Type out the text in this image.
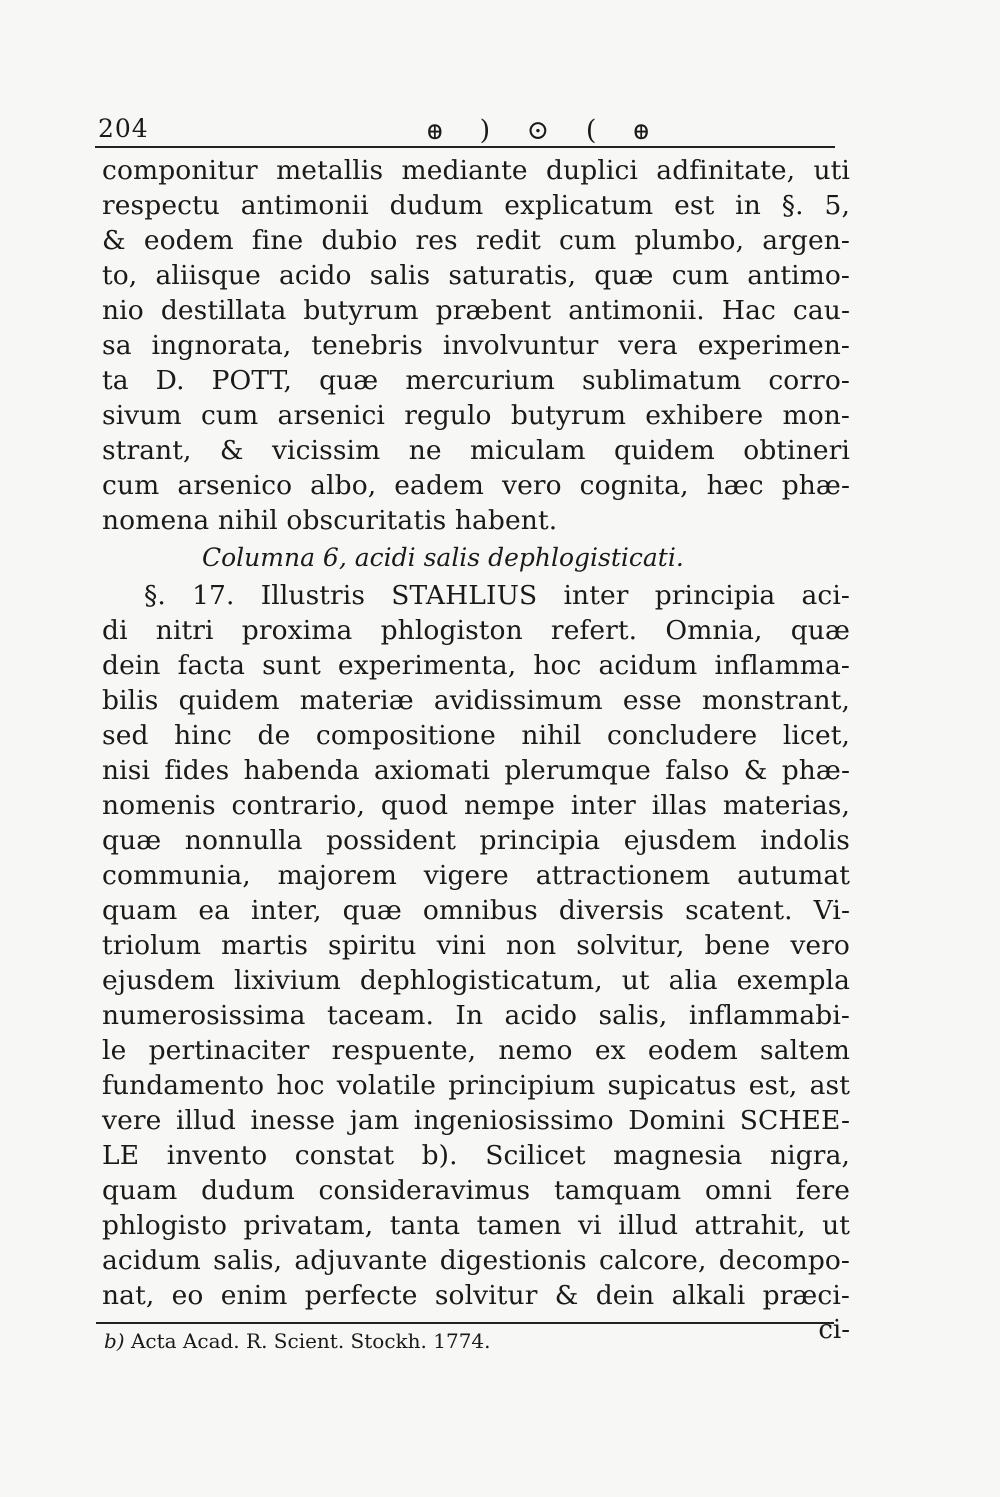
204	ꚛ ) ⊙ ( ꚛ
componitur metallis mediante duplici adfinitate, uti
respectu antimonii dudum explicatum est in §. 5,
& eodem fine dubio res redit cum plumbo, argen-
to, aliisque acido salis saturatis, quæ cum antimo-
nio destillata butyrum præbent antimonii. Hac cau-
sa ingnorata, tenebris involvuntur vera experimen-
ta D. POTT, quæ mercurium sublimatum corro-
sivum cum arsenici regulo butyrum exhibere mon-
strant, & vicissim ne miculam quidem obtineri
cum arsenico albo, eadem vero cognita, hæc phæ-
nomena nihil obscuritatis habent.
Columna 6, acidi salis dephlogisticati.
§. 17. Illustris STAHLIUS inter principia aci-
di nitri proxima phlogiston refert. Omnia, quæ
dein facta sunt experimenta, hoc acidum inflamma-
bilis quidem materiæ avidissimum esse monstrant,
sed hinc de compositione nihil concludere licet,
nisi fides habenda axiomati plerumque falso & phæ-
nomenis contrario, quod nempe inter illas materias,
quæ nonnulla possident principia ejusdem indolis
communia, majorem vigere attractionem autumat
quam ea inter, quæ omnibus diversis scatent. Vi-
triolum martis spiritu vini non solvitur, bene vero
ejusdem lixivium dephlogisticatum, ut alia exempla
numerosissima taceam. In acido salis, inflammabi-
le pertinaciter respuente, nemo ex eodem saltem
fundamento hoc volatile principium supicatus est, ast
vere illud inesse jam ingeniosissimo Domini SCHEE-
LE invento constat b). Scilicet magnesia nigra,
quam dudum consideravimus tamquam omni fere
phlogisto privatam, tanta tamen vi illud attrahit, ut
acidum salis, adjuvante digestionis calcore, decompo-
nat, eo enim perfecte solvitur & dein alkali præci-
ci-
b) Acta Acad. R. Scient. Stockh. 1774.
